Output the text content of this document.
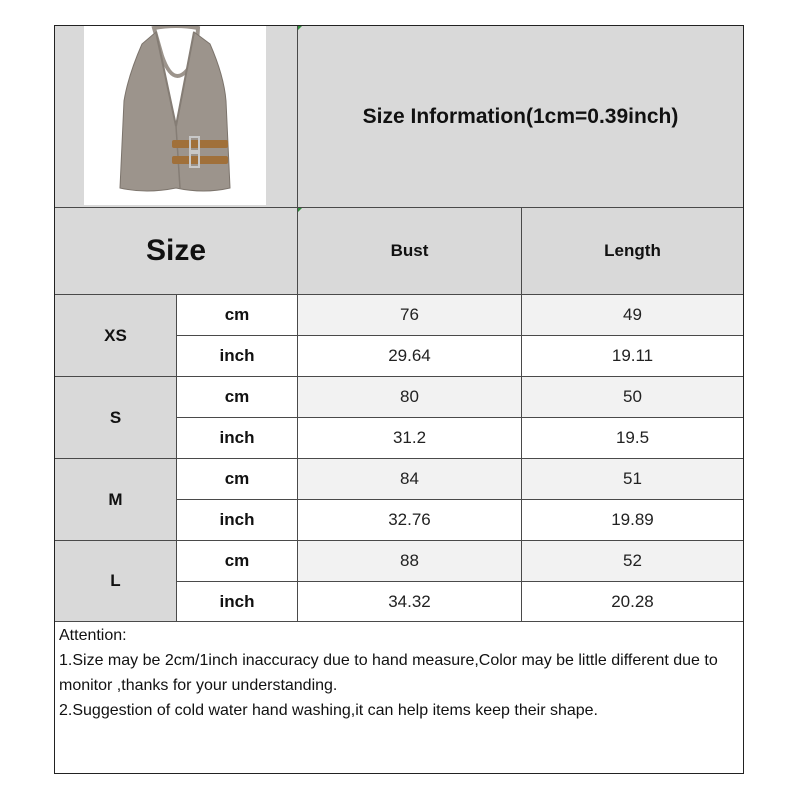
Size Information(1cm=0.39inch)
Size	Bust	Length
XS
cm	76	49
inch	29.64	19.11
S
cm	80	50
inch	31.2	19.5
M
cm	84	51
inch	32.76	19.89
L
cm	88	52
inch	34.32	20.28

Attention:

1.Size may be 2cm/1inch inaccuracy due to hand measure,Color may be little different due to monitor ,thanks for your understanding.

2.Suggestion of cold water hand washing,it can help items keep their shape.
